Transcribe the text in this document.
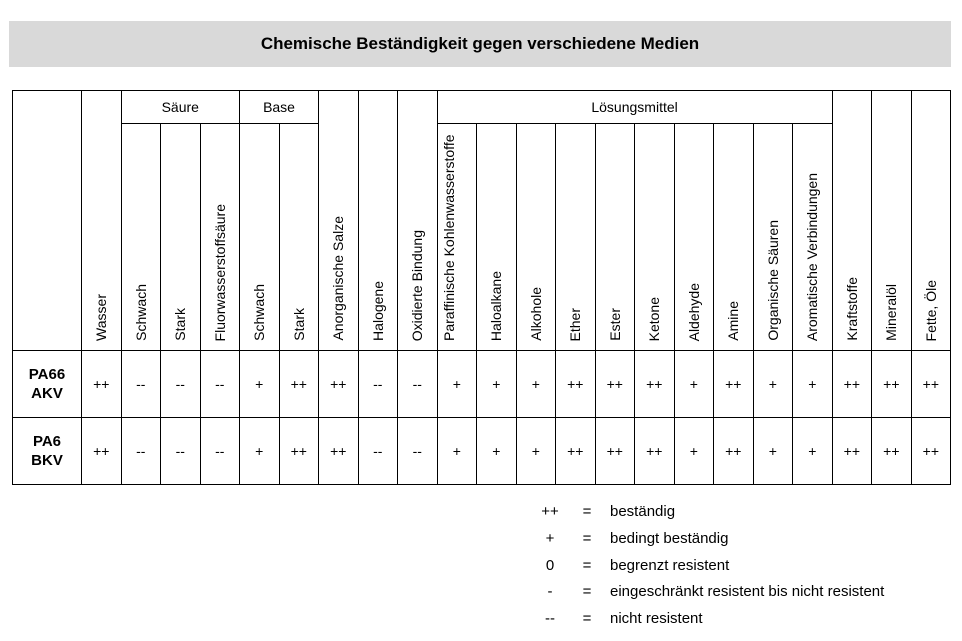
Chemische Beständigkeit gegen verschiedene Medien
	Wasser	Säure			Base		Anorganische Salze	Halogene	Oxidierte Bindung	Lösungsmittel										Kraftstoffe	Mineralöl	Fette, Öle
		Schwach	Stark	Fluorwasserstoffsäure	Schwach	Stark				Paraffinische Kohlenwasserstoffe	Haloalkane	Alkohole	Ether	Ester	Ketone	Aldehyde	Amine	Organische Säuren	Aromatische Verbindungen			
PA66
AKV	++	--	--	--	+	++	++	--	--	+	+	+	++	++	++	+	++	+	+	++	++	++
PA6
BKV	++	--	--	--	+	++	++	--	--	+	+	+	++	++	++	+	++	+	+	++	++	++
++	=	beständig
+	=	bedingt beständig
0	=	begrenzt resistent
-	=	eingeschränkt resistent bis nicht resistent
--	=	nicht resistent
